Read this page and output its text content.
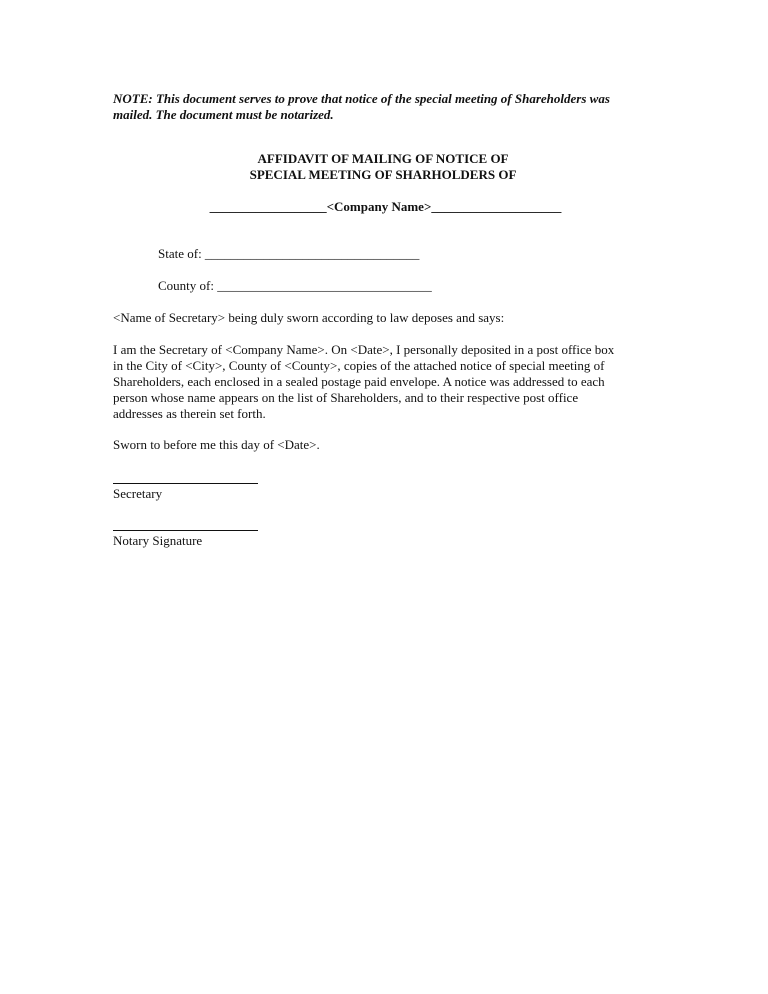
NOTE: This document serves to prove that notice of the special meeting of Shareholders was
mailed. The document must be notarized.
AFFIDAVIT OF MAILING OF NOTICE OF
SPECIAL MEETING OF SHARHOLDERS OF
__________________<Company Name>____________________
State of: _________________________________
County of: _________________________________
<Name of Secretary> being duly sworn according to law deposes and says:
I am the Secretary of <Company Name>. On <Date>, I personally deposited in a post office box
in the City of <City>, County of <County>, copies of the attached notice of special meeting of
Shareholders, each enclosed in a sealed postage paid envelope. A notice was addressed to each
person whose name appears on the list of Shareholders, and to their respective post office
addresses as therein set forth.
Sworn to before me this day of <Date>.
Secretary
Notary Signature
